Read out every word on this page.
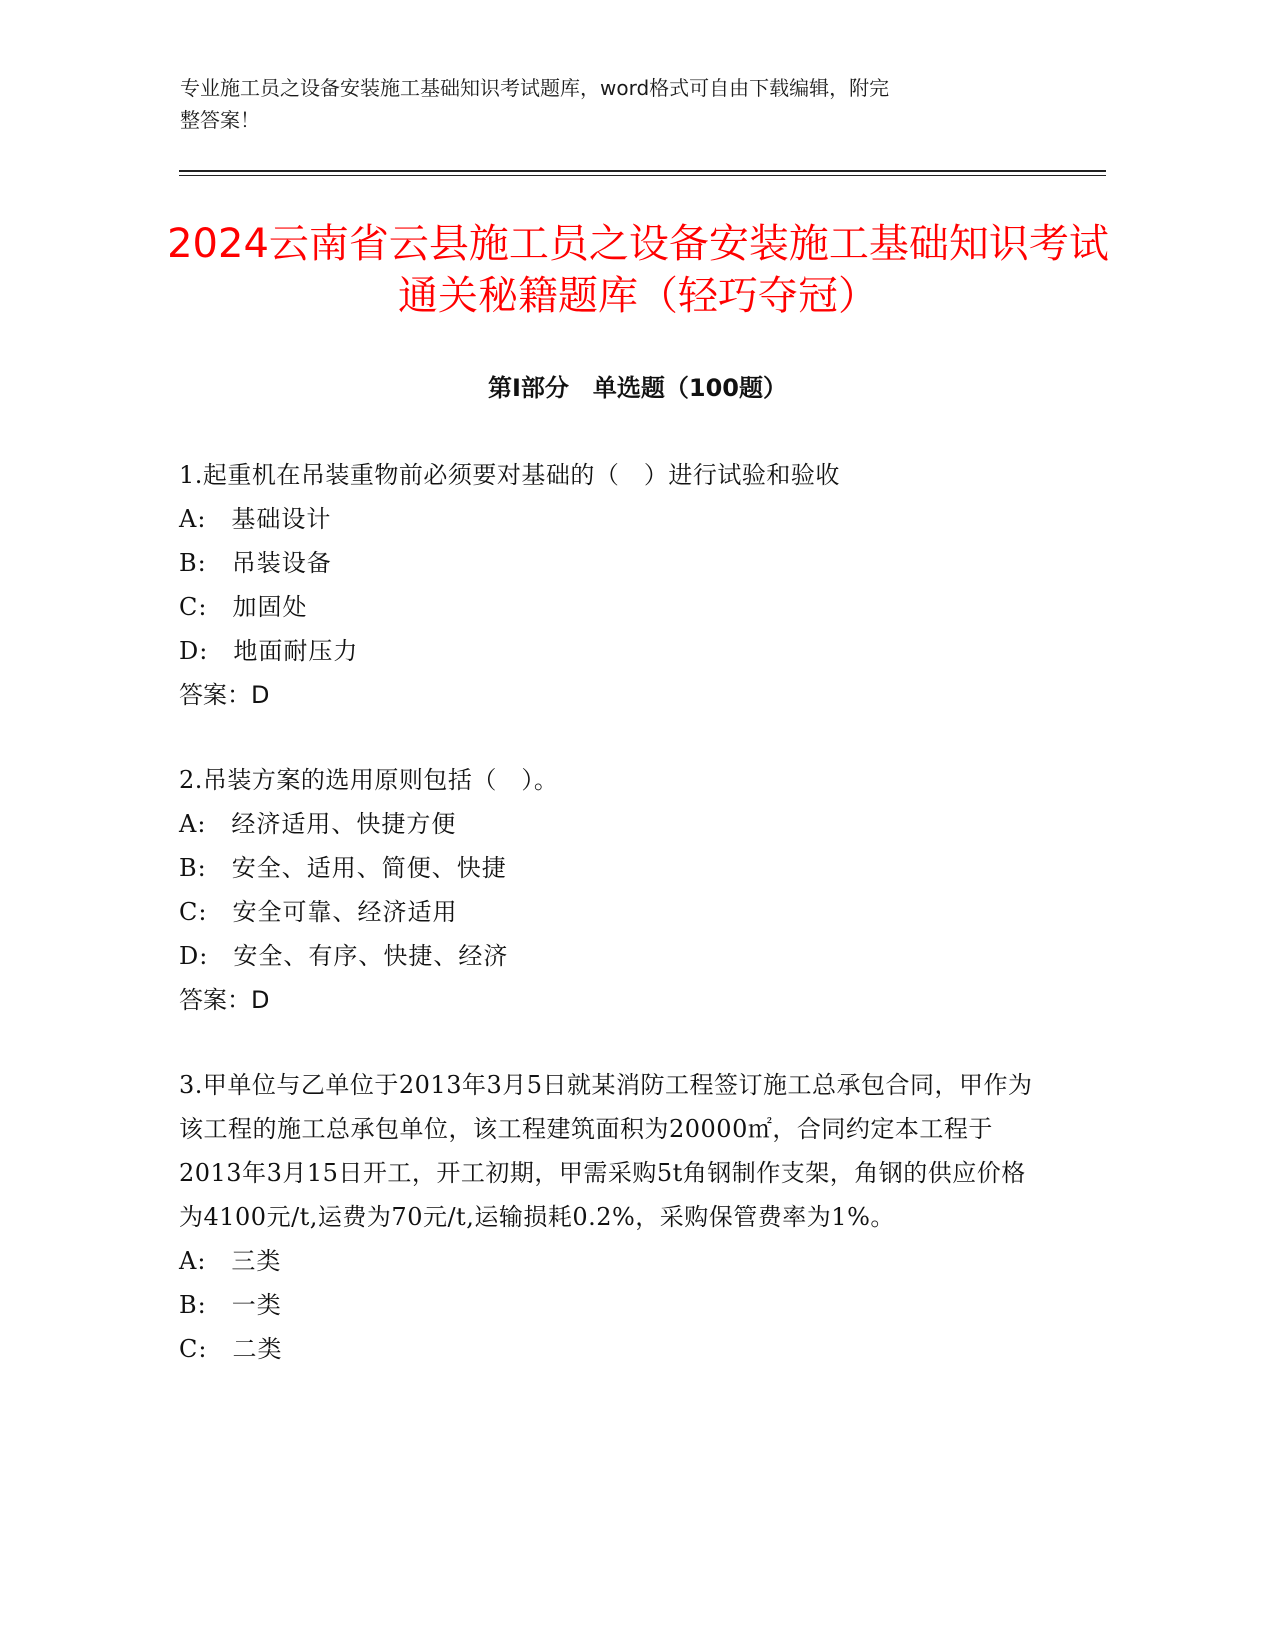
专业施工员之设备安装施工基础知识考试题库，word格式可自由下载编辑，附完
整答案！
2024云南省云县施工员之设备安装施工基础知识考试通关秘籍题库（轻巧夺冠）
第Ⅰ部分　单选题（100题）
1.起重机在吊装重物前必须要对基础的（　）进行试验和验收
A:　基础设计
B:　吊装设备
C:　加固处
D:　地面耐压力
答案：D
2.吊装方案的选用原则包括（　）。
A:　经济适用、快捷方便
B:　安全、适用、简便、快捷
C:　安全可靠、经济适用
D:　安全、有序、快捷、经济
答案：D
3.甲单位与乙单位于2013年3月5日就某消防工程签订施工总承包合同，甲作为该工程的施工总承包单位，该工程建筑面积为20000㎡，合同约定本工程于2013年3月15日开工，开工初期，甲需采购5t角钢制作支架，角钢的供应价格为4100元/t,运费为70元/t,运输损耗0.2%，采购保管费率为1%。
A:　三类
B:　一类
C:　二类
